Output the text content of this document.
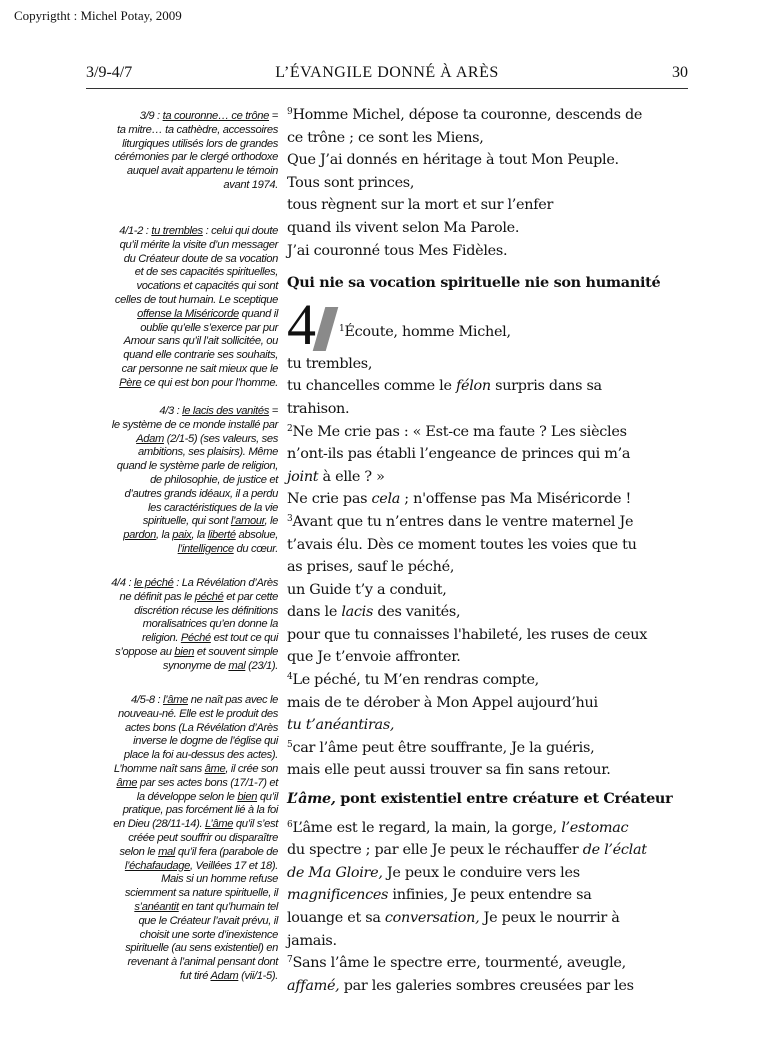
Copyrigtht : Michel Potay, 2009
3/9-4/7	L’ÉVANGILE DONNÉ À ARÈS	30
3/9 : ta couronne… ce trône =
ta mitre… ta cathèdre, accessoires
liturgiques utilisés lors de grandes
cérémonies par le clergé orthodoxe
auquel avait appartenu le témoin
avant 1974.
4/1-2 : tu trembles : celui qui doute
qu’il mérite la visite d’un messager
du Créateur doute de sa vocation
et de ses capacités spirituelles,
vocations et capacités qui sont
celles de tout humain. Le sceptique
offense la Miséricorde quand il
oublie qu’elle s’exerce par pur
Amour sans qu’il l’ait sollicitée, ou
quand elle contrarie ses souhaits,
car personne ne sait mieux que le
Père ce qui est bon pour l’homme.
4/3 : le lacis des vanités =
le système de ce monde installé par
Adam (2/1-5) (ses valeurs, ses
ambitions, ses plaisirs). Même
quand le système parle de religion,
de philosophie, de justice et
d’autres grands idéaux, il a perdu
les caractéristiques de la vie
spirituelle, qui sont l’amour, le
pardon, la paix, la liberté absolue,
l’intelligence du cœur.
4/4 : le péché : La Révélation d’Arès
ne définit pas le péché et par cette
discrétion récuse les définitions
moralisatrices qu’en donne la
religion. Péché est tout ce qui
s’oppose au bien et souvent simple
synonyme de mal (23/1).
4/5-8 : l’âme ne naît pas avec le
nouveau-né. Elle est le produit des
actes bons (La Révélation d’Arès
inverse le dogme de l’église qui
place la foi au-dessus des actes).
L’homme naît sans âme, il crée son
âme par ses actes bons (17/1-7) et
la développe selon le bien qu’il
pratique, pas forcément lié à la foi
en Dieu (28/11-14). L’âme qu’il s’est
créée peut souffrir ou disparaître
selon le mal qu’il fera (parabole de
l’échafaudage, Veillées 17 et 18).
Mais si un homme refuse
sciemment sa nature spirituelle, il
s’anéantit en tant qu’humain tel
que le Créateur l’avait prévu, il
choisit une sorte d’inexistence
spirituelle (au sens existentiel) en
revenant à l’animal pensant dont
fut tiré Adam (vii/1-5).
$^9$Homme Michel, dépose ta couronne, descends de
ce trône ; ce sont les Miens,
Que J’ai donnés en héritage à tout Mon Peuple.
Tous sont princes,
tous règnent sur la mort et sur l’enfer
quand ils vivent selon Ma Parole.
J’ai couronné tous Mes Fidèles.
Qui nie sa vocation spirituelle nie son humanité
4	$^1$Écoute, homme Michel,
tu trembles,
tu chancelles comme le félon surpris dans sa
trahison.
$^2$Ne Me crie pas : « Est-ce ma faute ? Les siècles
n’ont-ils pas établi l’engeance de princes qui m’a
joint à elle ? »
Ne crie pas cela ; n'offense pas Ma Miséricorde !
$^3$Avant que tu n’entres dans le ventre maternel Je
t’avais élu. Dès ce moment toutes les voies que tu
as prises, sauf le péché,
un Guide t’y a conduit,
dans le lacis des vanités,
pour que tu connaisses l'habileté, les ruses de ceux
que Je t’envoie affronter.
$^4$Le péché, tu M’en rendras compte,
mais de te dérober à Mon Appel aujourd’hui
tu t’anéantiras,
$^5$car l’âme peut être souffrante, Je la guéris,
mais elle peut aussi trouver sa fin sans retour.
L’âme, pont existentiel entre créature et Créateur
$^6$L’âme est le regard, la main, la gorge, l’estomac
du spectre ; par elle Je peux le réchauffer de l’éclat
de Ma Gloire, Je peux le conduire vers les
magnificences infinies, Je peux entendre sa
louange et sa conversation, Je peux le nourrir à
jamais.
$^7$Sans l’âme le spectre erre, tourmenté, aveugle,
affamé, par les galeries sombres creusées par les
